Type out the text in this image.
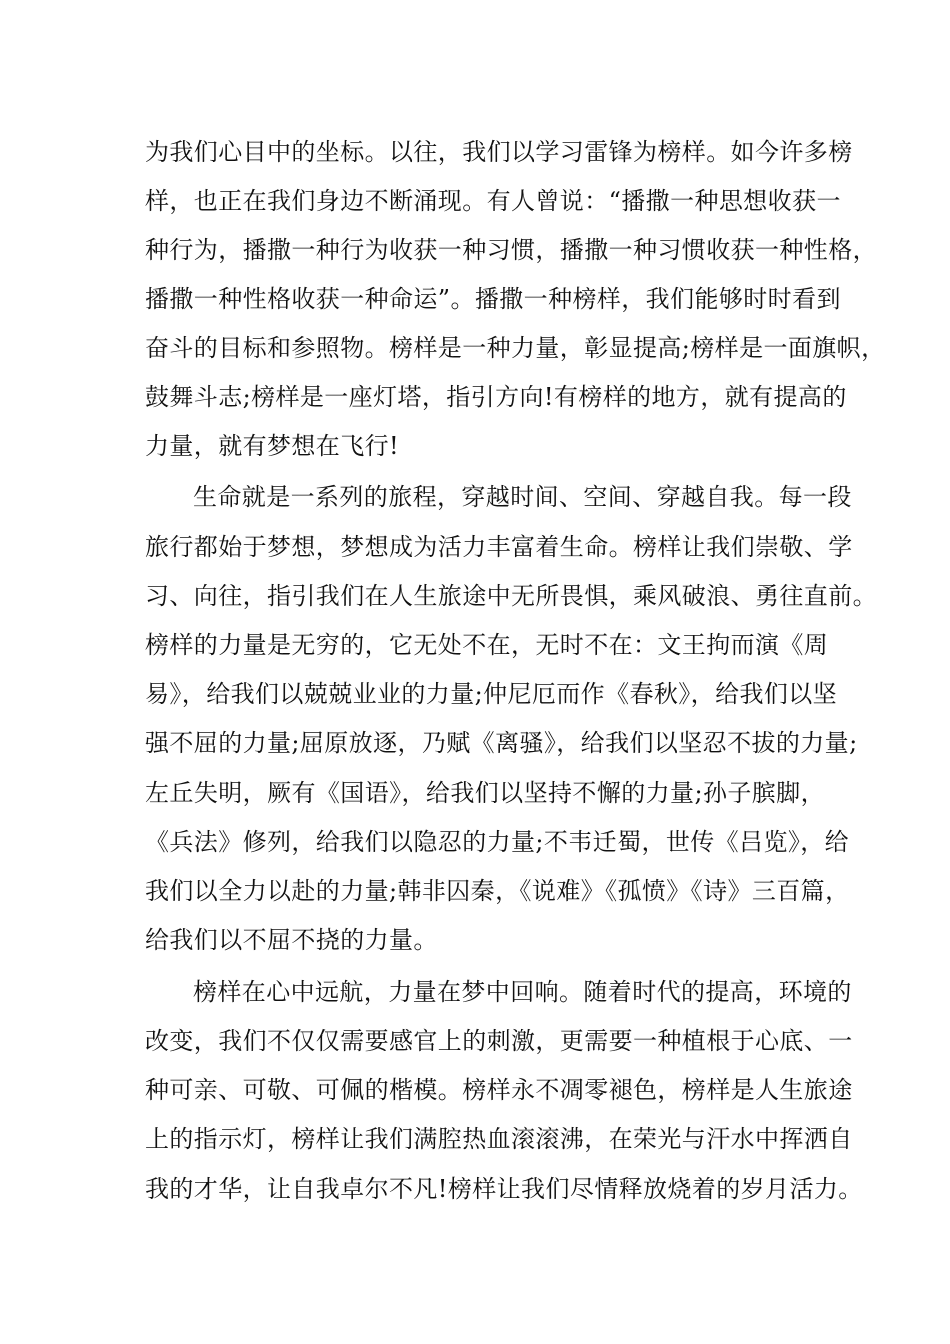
为我们心目中的坐标。以往，我们以学习雷锋为榜样。如今许多榜
样，也正在我们身边不断涌现。有人曾说：“播撒一种思想收获一
种行为，播撒一种行为收获一种习惯，播撒一种习惯收获一种性格，
播撒一种性格收获一种命运”。播撒一种榜样，我们能够时时看到
奋斗的目标和参照物。榜样是一种力量，彰显提高;榜样是一面旗帜，
鼓舞斗志;榜样是一座灯塔，指引方向!有榜样的地方，就有提高的
力量，就有梦想在飞行!
生命就是一系列的旅程，穿越时间、空间、穿越自我。每一段
旅行都始于梦想，梦想成为活力丰富着生命。榜样让我们崇敬、学
习、向往，指引我们在人生旅途中无所畏惧，乘风破浪、勇往直前。
榜样的力量是无穷的，它无处不在，无时不在：文王拘而演《周
易》，给我们以兢兢业业的力量;仲尼厄而作《春秋》，给我们以坚
强不屈的力量;屈原放逐，乃赋《离骚》，给我们以坚忍不拔的力量;
左丘失明，厥有《国语》，给我们以坚持不懈的力量;孙子膑脚，
《兵法》修列，给我们以隐忍的力量;不韦迁蜀，世传《吕览》，给
我们以全力以赴的力量;韩非囚秦，《说难》《孤愤》《诗》三百篇，
给我们以不屈不挠的力量。
榜样在心中远航，力量在梦中回响。随着时代的提高，环境的
改变，我们不仅仅需要感官上的刺激，更需要一种植根于心底、一
种可亲、可敬、可佩的楷模。榜样永不凋零褪色，榜样是人生旅途
上的指示灯，榜样让我们满腔热血滚滚沸，在荣光与汗水中挥洒自
我的才华，让自我卓尔不凡!榜样让我们尽情释放烧着的岁月活力。
